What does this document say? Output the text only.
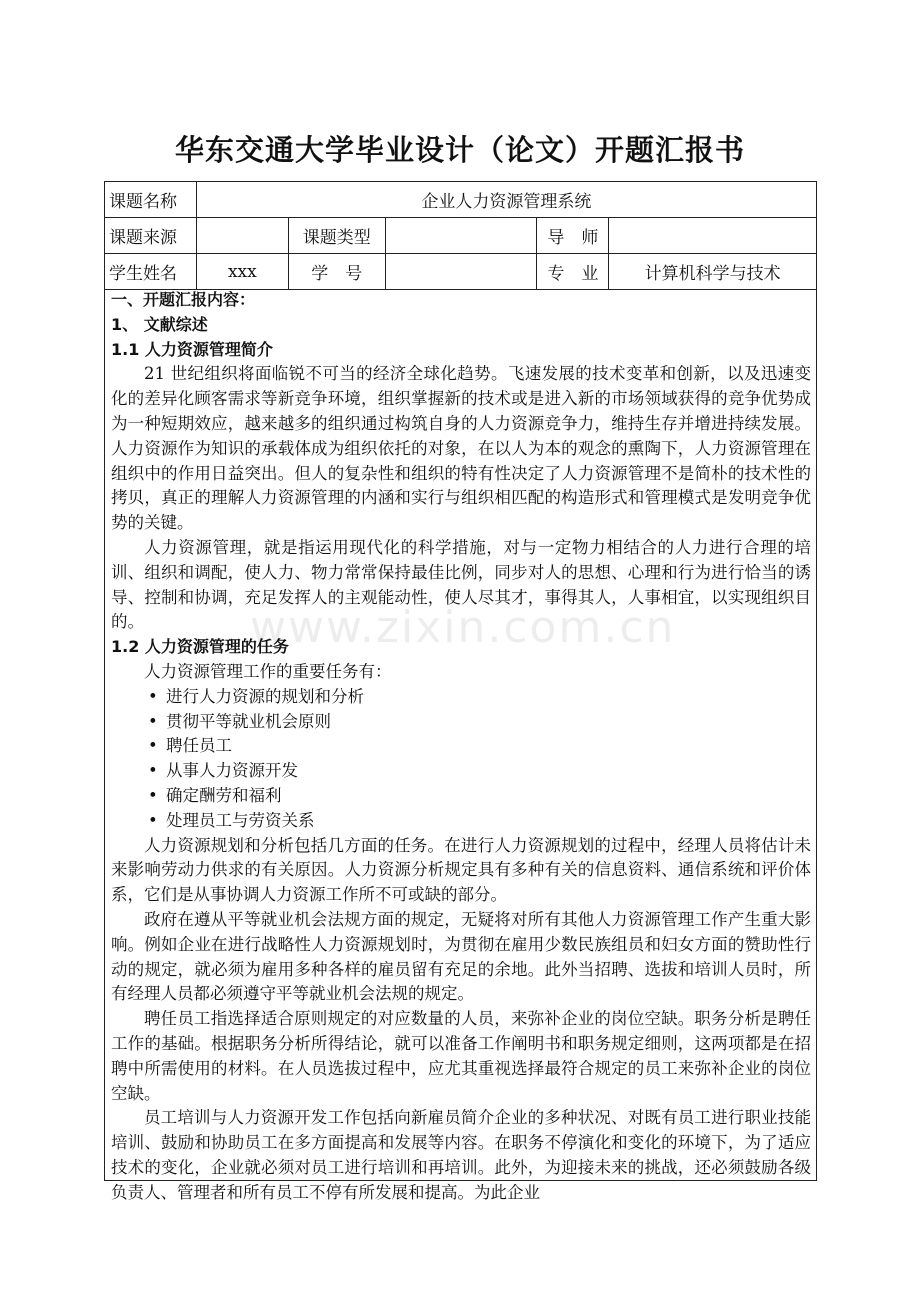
华东交通大学毕业设计（论文）开题汇报书
课题名称	企业人力资源管理系统				
课题来源		课题类型		导　师	
学生姓名	xxx	学　号		专　业	计算机科学与技术
www.zixin.com.cn
一、开题汇报内容：
1、 文献综述
1.1 人力资源管理简介

21 世纪组织将面临锐不可当的经济全球化趋势。飞速发展的技术变革和创新，以及迅速变化的差异化顾客需求等新竞争环境，组织掌握新的技术或是进入新的市场领域获得的竞争优势成为一种短期效应，越来越多的组织通过构筑自身的人力资源竞争力，维持生存并增进持续发展。人力资源作为知识的承载体成为组织依托的对象，在以人为本的观念的熏陶下，人力资源管理在组织中的作用日益突出。但人的复杂性和组织的特有性决定了人力资源管理不是简朴的技术性的拷贝，真正的理解人力资源管理的内涵和实行与组织相匹配的构造形式和管理模式是发明竞争优势的关键。

人力资源管理，就是指运用现代化的科学措施，对与一定物力相结合的人力进行合理的培训、组织和调配，使人力、物力常常保持最佳比例，同步对人的思想、心理和行为进行恰当的诱导、控制和协调，充足发挥人的主观能动性，使人尽其才，事得其人，人事相宜，以实现组织目的。

1.2 人力资源管理的任务

人力资源管理工作的重要任务有：

• 进行人力资源的规划和分析
• 贯彻平等就业机会原则
• 聘任员工
• 从事人力资源开发
• 确定酬劳和福利
• 处理员工与劳资关系

人力资源规划和分析包括几方面的任务。在进行人力资源规划的过程中，经理人员将估计未来影响劳动力供求的有关原因。人力资源分析规定具有多种有关的信息资料、通信系统和评价体系，它们是从事协调人力资源工作所不可或缺的部分。

政府在遵从平等就业机会法规方面的规定，无疑将对所有其他人力资源管理工作产生重大影响。例如企业在进行战略性人力资源规划时，为贯彻在雇用少数民族组员和妇女方面的赞助性行动的规定，就必须为雇用多种各样的雇员留有充足的余地。此外当招聘、选拔和培训人员时，所有经理人员都必须遵守平等就业机会法规的规定。

聘任员工指选择适合原则规定的对应数量的人员，来弥补企业的岗位空缺。职务分析是聘任工作的基础。根据职务分析所得结论，就可以准备工作阐明书和职务规定细则，这两项都是在招聘中所需使用的材料。在人员选拔过程中，应尤其重视选择最符合规定的员工来弥补企业的岗位空缺。

员工培训与人力资源开发工作包括向新雇员简介企业的多种状况、对既有员工进行职业技能培训、鼓励和协助员工在多方面提高和发展等内容。在职务不停演化和变化的环境下，为了适应技术的变化，企业就必须对员工进行培训和再培训。此外，为迎接未来的挑战，还必须鼓励各级负责人、管理者和所有员工不停有所发展和提高。为此企业
